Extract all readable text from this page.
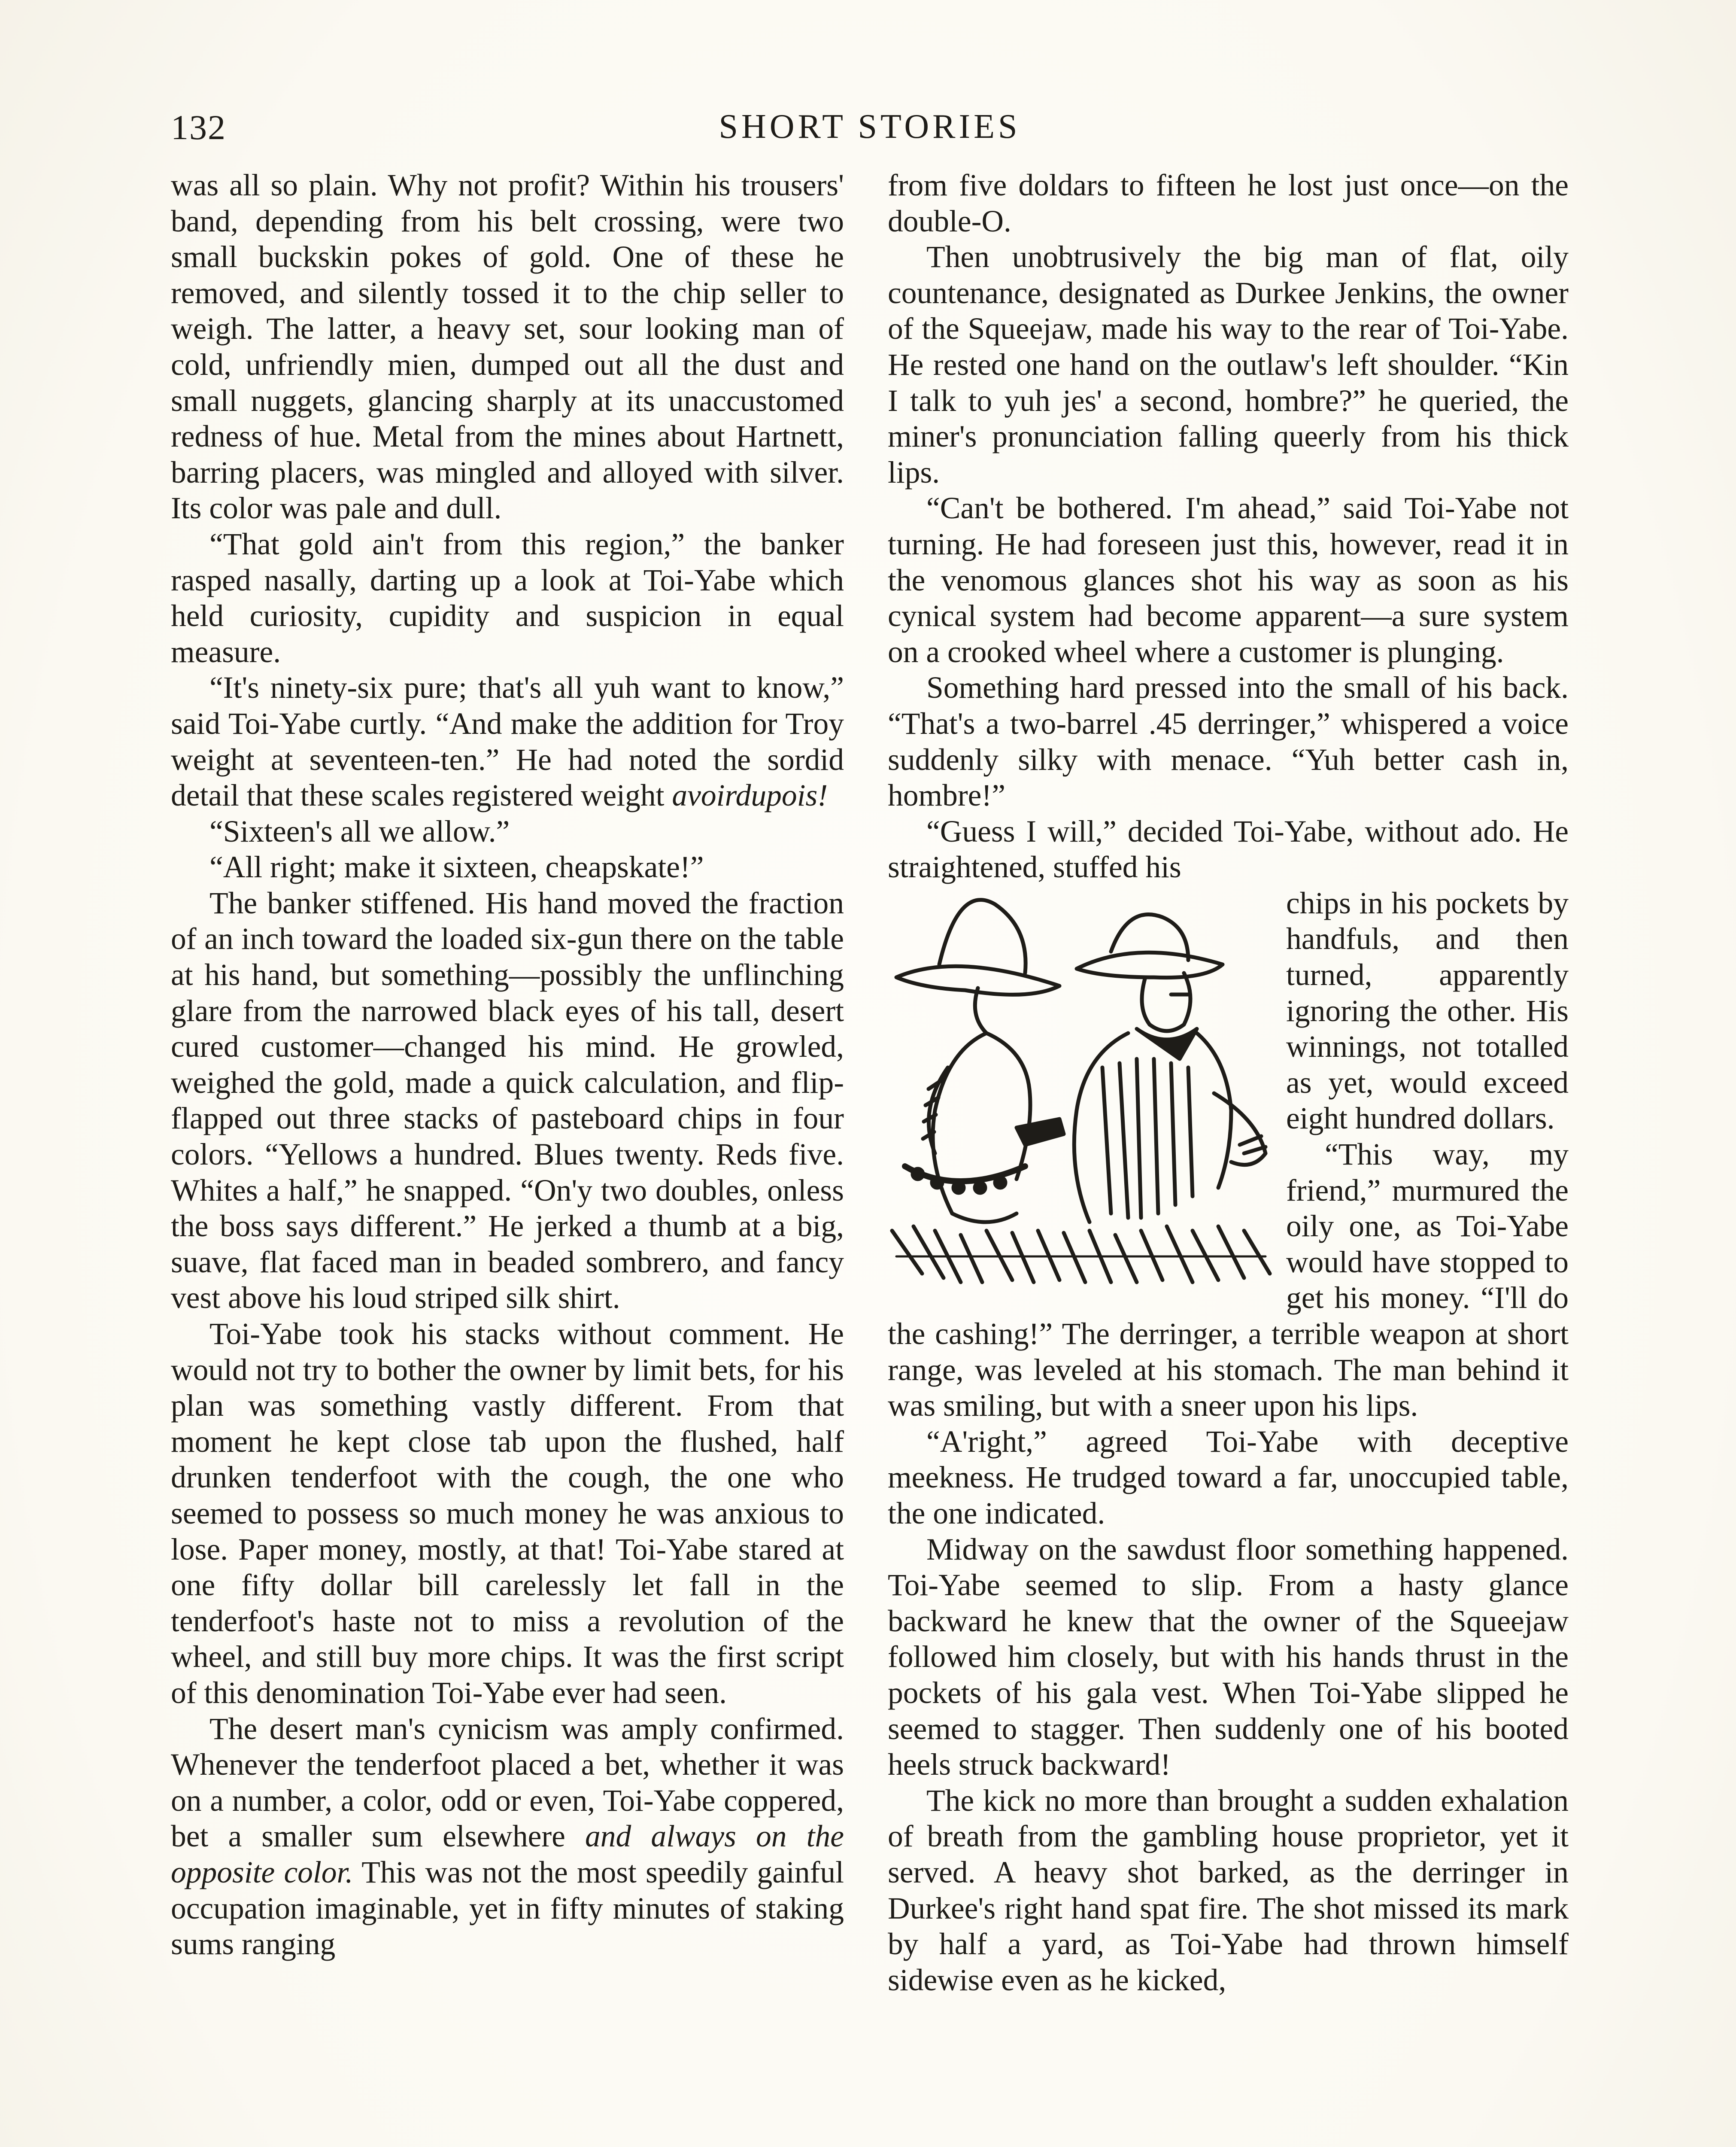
132	SHORT STORIES

was all so plain. Why not profit? Within his trousers' band, depending from his belt crossing, were two small buckskin pokes of gold. One of these he removed, and silently tossed it to the chip seller to weigh. The latter, a heavy set, sour looking man of cold, unfriendly mien, dumped out all the dust and small nuggets, glancing sharply at its unaccustomed redness of hue. Metal from the mines about Hartnett, barring placers, was mingled and alloyed with silver. Its color was pale and dull.

“That gold ain't from this region,” the banker rasped nasally, darting up a look at Toi-Yabe which held curiosity, cupidity and suspicion in equal measure.

“It's ninety-six pure; that's all yuh want to know,” said Toi-Yabe curtly. “And make the addition for Troy weight at seventeen-ten.” He had noted the sordid detail that these scales registered weight avoirdupois!

“Sixteen's all we allow.”

“All right; make it sixteen, cheapskate!”

The banker stiffened. His hand moved the fraction of an inch toward the loaded six-gun there on the table at his hand, but something—possibly the unflinching glare from the narrowed black eyes of his tall, desert cured customer—changed his mind. He growled, weighed the gold, made a quick calculation, and flip-flapped out three stacks of pasteboard chips in four colors. “Yellows a hundred. Blues twenty. Reds five. Whites a half,” he snapped. “On'y two doubles, onless the boss says different.” He jerked a thumb at a big, suave, flat faced man in beaded sombrero, and fancy vest above his loud striped silk shirt.

Toi-Yabe took his stacks without comment. He would not try to bother the owner by limit bets, for his plan was something vastly different. From that moment he kept close tab upon the flushed, half drunken tenderfoot with the cough, the one who seemed to possess so much money he was anxious to lose. Paper money, mostly, at that! Toi-Yabe stared at one fifty dollar bill carelessly let fall in the tenderfoot's haste not to miss a revolution of the wheel, and still buy more chips. It was the first script of this denomination Toi-Yabe ever had seen.

The desert man's cynicism was amply confirmed. Whenever the tenderfoot placed a bet, whether it was on a number, a color, odd or even, Toi-Yabe coppered, bet a smaller sum elsewhere and always on the opposite color. This was not the most speedily gainful occupation imaginable, yet in fifty minutes of staking sums ranging

from five doldars to fifteen he lost just once—on the double-O.

Then unobtrusively the big man of flat, oily countenance, designated as Durkee Jenkins, the owner of the Squeejaw, made his way to the rear of Toi-Yabe. He rested one hand on the outlaw's left shoulder. “Kin I talk to yuh jes' a second, hombre?” he queried, the miner's pronunciation falling queerly from his thick lips.

“Can't be bothered. I'm ahead,” said Toi-Yabe not turning. He had foreseen just this, however, read it in the venomous glances shot his way as soon as his cynical system had become apparent—a sure system on a crooked wheel where a customer is plunging.

Something hard pressed into the small of his back. “That's a two-barrel .45 derringer,” whispered a voice suddenly silky with menace. “Yuh better cash in, hombre!”

“Guess I will,” decided Toi-Yabe, without ado. He straightened, stuffed his

chips in his pockets by handfuls, and then turned, apparently ignoring the other. His winnings, not totalled as yet, would exceed eight hundred dollars.

“This way, my friend,” murmured the oily one, as Toi-Yabe would have stopped to get his money. “I'll do the cashing!” The derringer, a terrible weapon at short range, was leveled at his stomach. The man behind it was smiling, but with a sneer upon his lips.

“A'right,” agreed Toi-Yabe with deceptive meekness. He trudged toward a far, unoccupied table, the one indicated.

Midway on the sawdust floor something happened. Toi-Yabe seemed to slip. From a hasty glance backward he knew that the owner of the Squeejaw followed him closely, but with his hands thrust in the pockets of his gala vest. When Toi-Yabe slipped he seemed to stagger. Then suddenly one of his booted heels struck backward!

The kick no more than brought a sudden exhalation of breath from the gambling house proprietor, yet it served. A heavy shot barked, as the derringer in Durkee's right hand spat fire. The shot missed its mark by half a yard, as Toi-Yabe had thrown himself sidewise even as he kicked,
